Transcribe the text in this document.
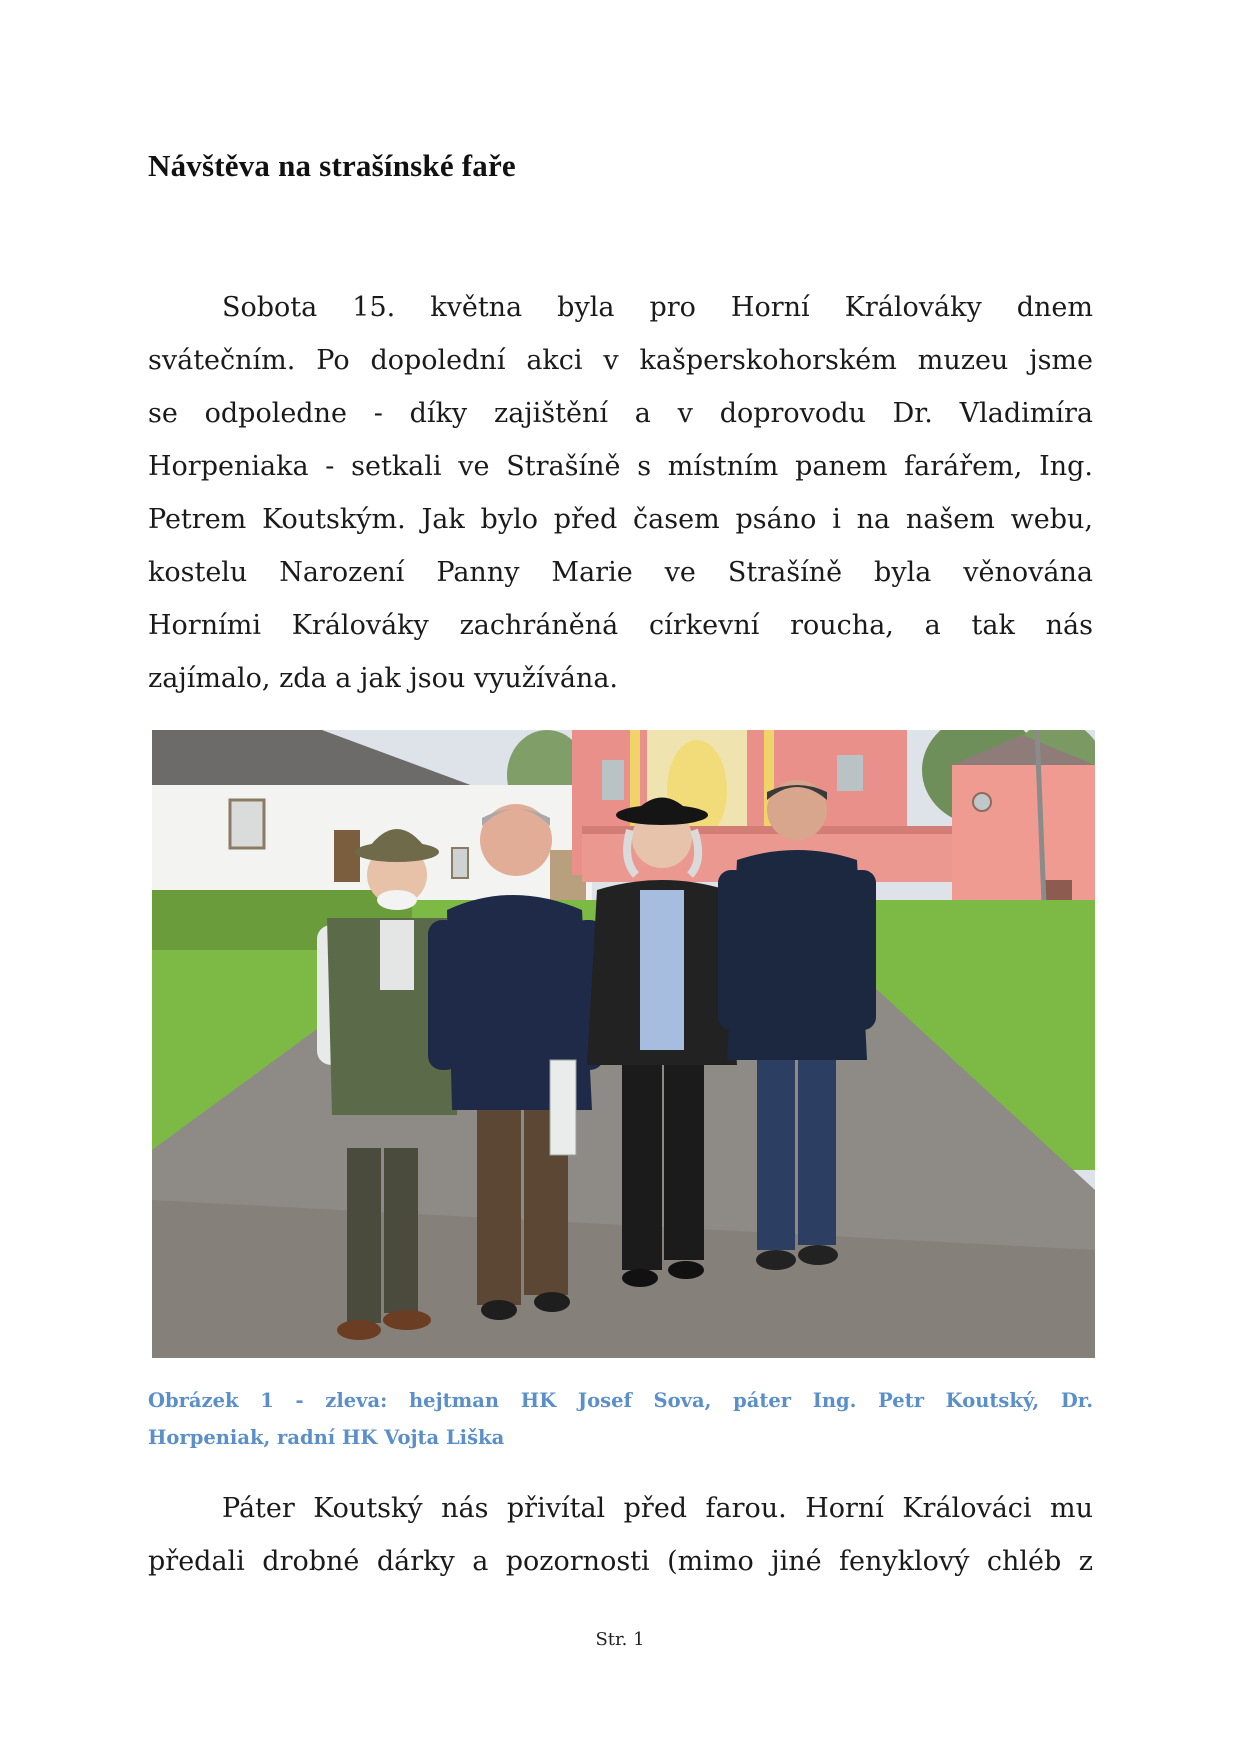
Návštěva na strašínské faře
Sobota 15. května byla pro Horní Králováky dnem
svátečním. Po dopolední akci v kašperskohorském muzeu jsme
se odpoledne - díky zajištění a v doprovodu Dr. Vladimíra
Horpeniaka - setkali ve Strašíně s místním panem farářem, Ing.
Petrem Koutským. Jak bylo před časem psáno i na našem webu,
kostelu Narození Panny Marie ve Strašíně byla věnována
Horními Králováky zachráněná církevní roucha, a tak nás
zajímalo, zda a jak jsou využívána.
Obrázek 1 - zleva: hejtman HK Josef Sova, páter Ing. Petr Koutský, Dr.
Horpeniak, radní HK Vojta Liška
Páter Koutský nás přivítal před farou. Horní Králováci mu
předali drobné dárky a pozornosti (mimo jiné fenyklový chléb z
Str. 1
